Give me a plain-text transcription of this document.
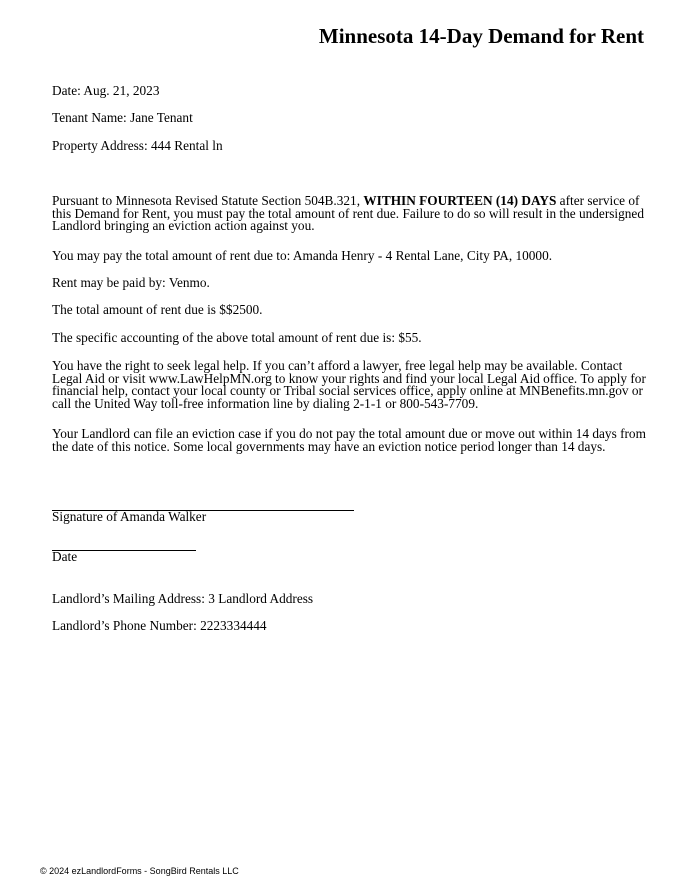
Minnesota 14-Day Demand for Rent
Date: Aug. 21, 2023
Tenant Name: Jane Tenant
Property Address: 444 Rental ln
Pursuant to Minnesota Revised Statute Section 504B.321, WITHIN FOURTEEN (14) DAYS after service of this Demand for Rent, you must pay the total amount of rent due. Failure to do so will result in the undersigned Landlord bringing an eviction action against you.
You may pay the total amount of rent due to: Amanda Henry - 4 Rental Lane, City PA, 10000.
Rent may be paid by: Venmo.
The total amount of rent due is $$2500.
The specific accounting of the above total amount of rent due is: $55.
You have the right to seek legal help. If you can’t afford a lawyer, free legal help may be available. Contact Legal Aid or visit www.LawHelpMN.org to know your rights and find your local Legal Aid office. To apply for financial help, contact your local county or Tribal social services office, apply online at MNBenefits.mn.gov or call the United Way toll-free information line by dialing 2-1-1 or 800-543-7709.
Your Landlord can file an eviction case if you do not pay the total amount due or move out within 14 days from the date of this notice. Some local governments may have an eviction notice period longer than 14 days.
Signature of Amanda Walker
Date
Landlord’s Mailing Address: 3 Landlord Address
Landlord’s Phone Number: 2223334444
© 2024 ezLandlordForms - SongBird Rentals LLC
